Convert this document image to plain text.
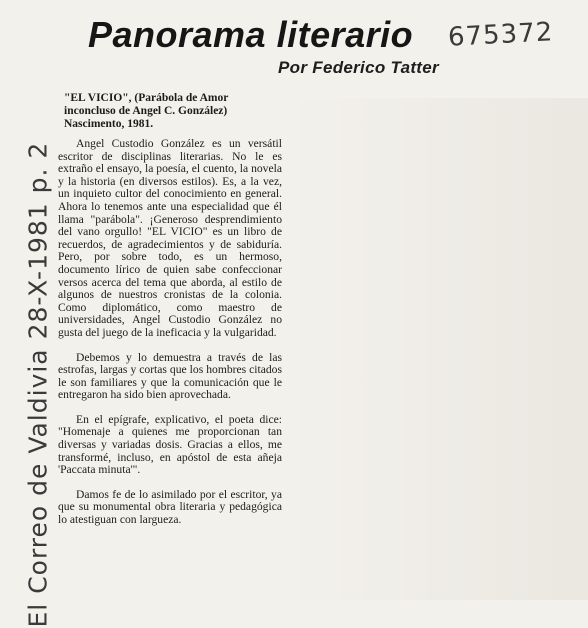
Panorama literario 675372
Por Federico Tatter
El Correo de Valdivia 28-X-1981 p. 2
"EL VICIO", (Parábola de Amor inconcluso de Angel C. González) Nascimento, 1981.

Angel Custodio González es un versátil escritor de disciplinas literarias. No le es extraño el ensayo, la poesía, el cuento, la novela y la historia (en diversos estilos). Es, a la vez, un inquieto cultor del conocimiento en general. Ahora lo tenemos ante una especialidad que él llama "parábola". ¡Generoso desprendimiento del vano orgullo! "EL VICIO" es un libro de recuerdos, de agradecimientos y de sabiduría. Pero, por sobre todo, es un hermoso, documento lírico de quien sabe confeccionar versos acerca del tema que aborda, al estilo de algunos de nuestros cronistas de la colonia. Como diplomático, como maestro de universidades, Angel Custodio González no gusta del juego de la ineficacia y la vulgaridad.

Debemos y lo demuestra a través de las estrofas, largas y cortas que los hombres citados le son familiares y que la comunicación que le entregaron ha sido bien aprovechada.

En el epígrafe, explicativo, el poeta dice: "Homenaje a quienes me proporcionan tan diversas y variadas dosis. Gracias a ellos, me transformé, incluso, en apóstol de esta añeja 'Paccata minuta'".

Damos fe de lo asimilado por el escritor, ya que su monumental obra literaria y pedagógica lo atestiguan con largueza.
